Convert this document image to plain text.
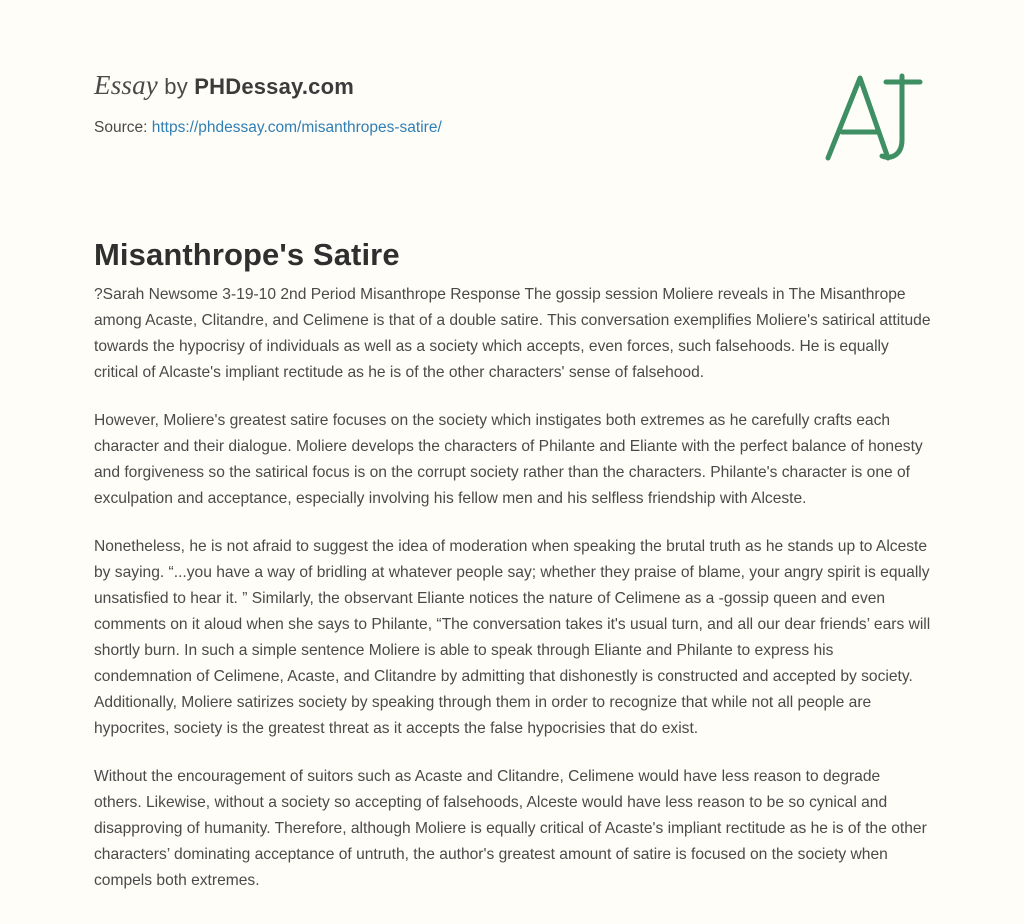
Essay by PHDessay.com
Source: https://phdessay.com/misanthropes-satire/
Misanthrope's Satire

?Sarah Newsome 3-19-10 2nd Period Misanthrope Response The gossip session Moliere reveals in The Misanthrope among Acaste, Clitandre, and Celimene is that of a double satire. This conversation exemplifies Moliere's satirical attitude towards the hypocrisy of individuals as well as a society which accepts, even forces, such falsehoods. He is equally critical of Alcaste's impliant rectitude as he is of the other characters' sense of falsehood.

However, Moliere's greatest satire focuses on the society which instigates both extremes as he carefully crafts each character and their dialogue. Moliere develops the characters of Philante and Eliante with the perfect balance of honesty and forgiveness so the satirical focus is on the corrupt society rather than the characters. Philante's character is one of exculpation and acceptance, especially involving his fellow men and his selfless friendship with Alceste.

Nonetheless, he is not afraid to suggest the idea of moderation when speaking the brutal truth as he stands up to Alceste by saying. “...you have a way of bridling at whatever people say; whether they praise of blame, your angry spirit is equally unsatisfied to hear it. ” Similarly, the observant Eliante notices the nature of Celimene as a -gossip queen and even comments on it aloud when she says to Philante, “The conversation takes it's usual turn, and all our dear friends’ ears will shortly burn. In such a simple sentence Moliere is able to speak through Eliante and Philante to express his condemnation of Celimene, Acaste, and Clitandre by admitting that dishonestly is constructed and accepted by society. Additionally, Moliere satirizes society by speaking through them in order to recognize that while not all people are hypocrites, society is the greatest threat as it accepts the false hypocrisies that do exist.

Without the encouragement of suitors such as Acaste and Clitandre, Celimene would have less reason to degrade others. Likewise, without a society so accepting of falsehoods, Alceste would have less reason to be so cynical and disapproving of humanity. Therefore, although Moliere is equally critical of Acaste's impliant rectitude as he is of the other characters’ dominating acceptance of untruth, the author's greatest amount of satire is focused on the society when compels both extremes.
